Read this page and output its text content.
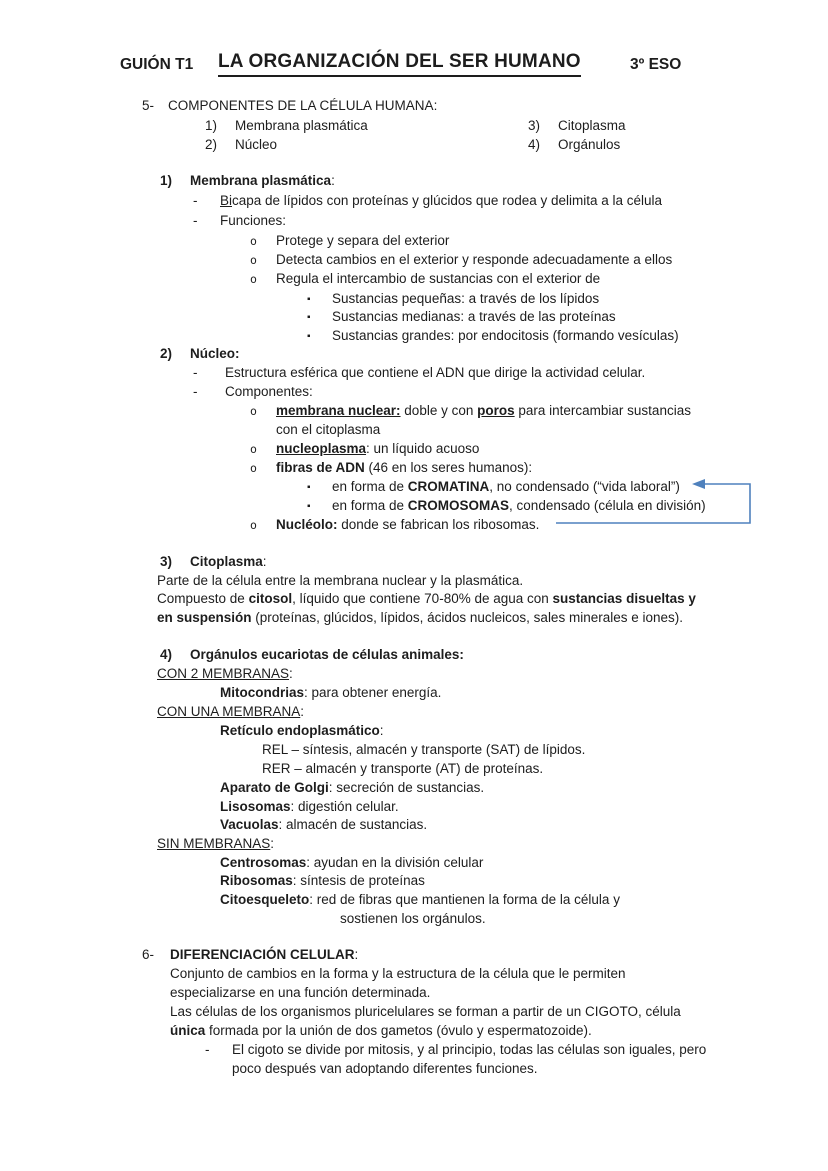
GUIÓN T1 LA ORGANIZACIÓN DEL SER HUMANO	3º ESO
5- COMPONENTES DE LA CÉLULA HUMANA:
1) Membrana plasmática	3) Citoplasma
2) Núcleo	4) Orgánulos
1) Membrana plasmática:
- Bicapa de lípidos con proteínas y glúcidos que rodea y delimita a la célula
- Funciones:
o Protege y separa del exterior
o Detecta cambios en el exterior y responde adecuadamente a ellos
o Regula el intercambio de sustancias con el exterior de
▪ Sustancias pequeñas: a través de los lípidos
▪ Sustancias medianas: a través de las proteínas
▪ Sustancias grandes: por endocitosis (formando vesículas)
2) Núcleo:
- Estructura esférica que contiene el ADN que dirige la actividad celular.
- Componentes:
o membrana nuclear: doble y con poros para intercambiar sustancias
con el citoplasma
o nucleoplasma: un líquido acuoso
o fibras de ADN (46 en los seres humanos):
▪ en forma de CROMATINA, no condensado (“vida laboral”)
▪ en forma de CROMOSOMAS, condensado (célula en división)
o Nucléolo: donde se fabrican los ribosomas.
3) Citoplasma:
Parte de la célula entre la membrana nuclear y la plasmática.
Compuesto de citosol, líquido que contiene 70-80% de agua con sustancias disueltas y
en suspensión (proteínas, glúcidos, lípidos, ácidos nucleicos, sales minerales e iones).
4) Orgánulos eucariotas de células animales:
CON 2 MEMBRANAS:
Mitocondrias: para obtener energía.
CON UNA MEMBRANA:
Retículo endoplasmático:
REL – síntesis, almacén y transporte (SAT) de lípidos.
RER – almacén y transporte (AT) de proteínas.
Aparato de Golgi: secreción de sustancias.
Lisosomas: digestión celular.
Vacuolas: almacén de sustancias.
SIN MEMBRANAS:
Centrosomas: ayudan en la división celular
Ribosomas: síntesis de proteínas
Citoesqueleto: red de fibras que mantienen la forma de la célula y
sostienen los orgánulos.
6- DIFERENCIACIÓN CELULAR:
Conjunto de cambios en la forma y la estructura de la célula que le permiten
especializarse en una función determinada.
Las células de los organismos pluricelulares se forman a partir de un CIGOTO, célula
única formada por la unión de dos gametos (óvulo y espermatozoide).
- El cigoto se divide por mitosis, y al principio, todas las células son iguales, pero
poco después van adoptando diferentes funciones.
